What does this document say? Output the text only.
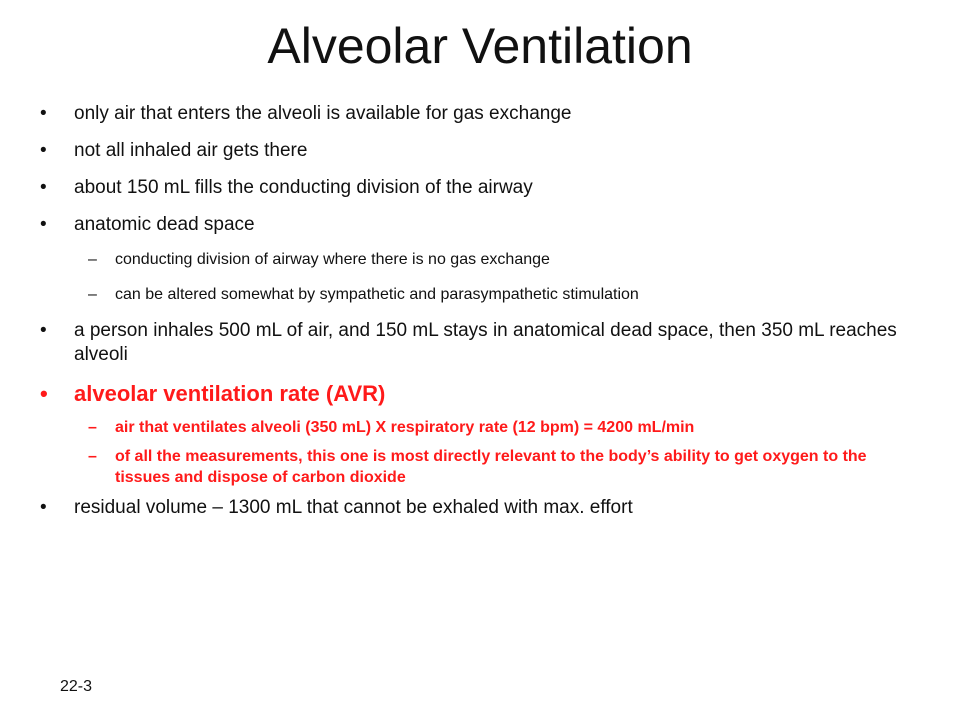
Alveolar Ventilation
• only air that enters the alveoli is available for gas exchange
• not all inhaled air gets there
• about 150 mL fills the conducting division of the airway
• anatomic dead space
– conducting division of airway where there is no gas exchange
– can be altered somewhat by sympathetic and parasympathetic stimulation
• a person inhales 500 mL of air, and 150 mL stays in anatomical dead space, then 350 mL reaches alveoli
• alveolar ventilation rate (AVR)
– air that ventilates alveoli (350 mL) X respiratory rate (12 bpm) = 4200 mL/min
– of all the measurements, this one is most directly relevant to the body’s ability to get oxygen to the tissues and dispose of carbon dioxide
• residual volume – 1300 mL that cannot be exhaled with max. effort
22-3
